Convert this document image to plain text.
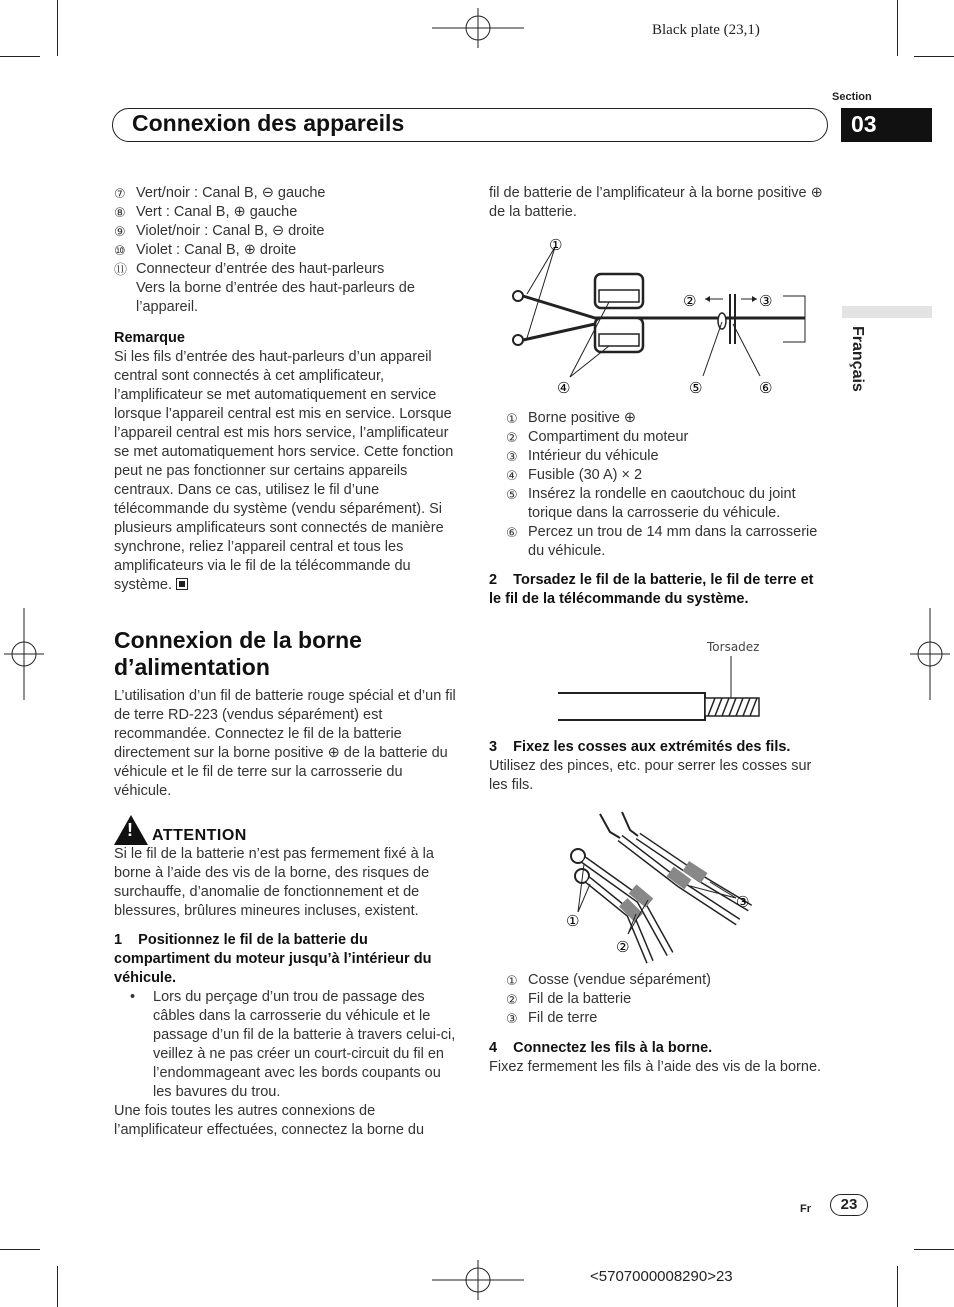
Black plate (23,1)
Section
Connexion des appareils	03
Français
⑦ Vert/noir : Canal B, ⊖ gauche
⑧ Vert : Canal B, ⊕ gauche
⑨ Violet/noir : Canal B, ⊖ droite
⑩ Violet : Canal B, ⊕ droite
⑪ Connecteur d’entrée des haut-parleurs
Vers la borne d’entrée des haut-parleurs de l’appareil.
Remarque
Si les fils d’entrée des haut-parleurs d’un appareil central sont connectés à cet amplificateur, l’amplificateur se met automatiquement en service lorsque l’appareil central est mis en service. Lorsque l’appareil central est mis hors service, l’amplificateur se met automatiquement hors service. Cette fonction peut ne pas fonctionner sur certains appareils centraux. Dans ce cas, utilisez le fil d’une télécommande du système (vendu séparément). Si plusieurs amplificateurs sont connectés de manière synchrone, reliez l’appareil central et tous les amplificateurs via le fil de la télécommande du système.
Connexion de la borne d’alimentation
L’utilisation d’un fil de batterie rouge spécial et d’un fil de terre RD-223 (vendus séparément) est recommandée. Connectez le fil de la batterie directement sur la borne positive ⊕ de la batterie du véhicule et le fil de terre sur la carrosserie du véhicule.
! ATTENTION
Si le fil de la batterie n’est pas fermement fixé à la borne à l’aide des vis de la borne, des risques de surchauffe, d’anomalie de fonctionnement et de blessures, brûlures mineures incluses, existent.
1    Positionnez le fil de la batterie du compartiment du moteur jusqu’à l’intérieur du véhicule.
•	Lors du perçage d’un trou de passage des câbles dans la carrosserie du véhicule et le passage d’un fil de la batterie à travers celui-ci, veillez à ne pas créer un court-circuit du fil en l’endommageant avec les bords coupants ou les bavures du trou.
Une fois toutes les autres connexions de l’amplificateur effectuées, connectez la borne du
fil de batterie de l’amplificateur à la borne positive ⊕ de la batterie.
①
②	③
④	⑤	⑥
① Borne positive ⊕
② Compartiment du moteur
③ Intérieur du véhicule
④ Fusible (30 A) × 2
⑤ Insérez la rondelle en caoutchouc du joint torique dans la carrosserie du véhicule.
⑥ Percez un trou de 14 mm dans la carrosserie du véhicule.
2    Torsadez le fil de la batterie, le fil de terre et le fil de la télécommande du système.
Torsadez
3    Fixez les cosses aux extrémités des fils.
Utilisez des pinces, etc. pour serrer les cosses sur les fils.
①
②
③
① Cosse (vendue séparément)
② Fil de la batterie
③ Fil de terre
4    Connectez les fils à la borne.
Fixez fermement les fils à l’aide des vis de la borne.
Fr	23
<5707000008290>23
